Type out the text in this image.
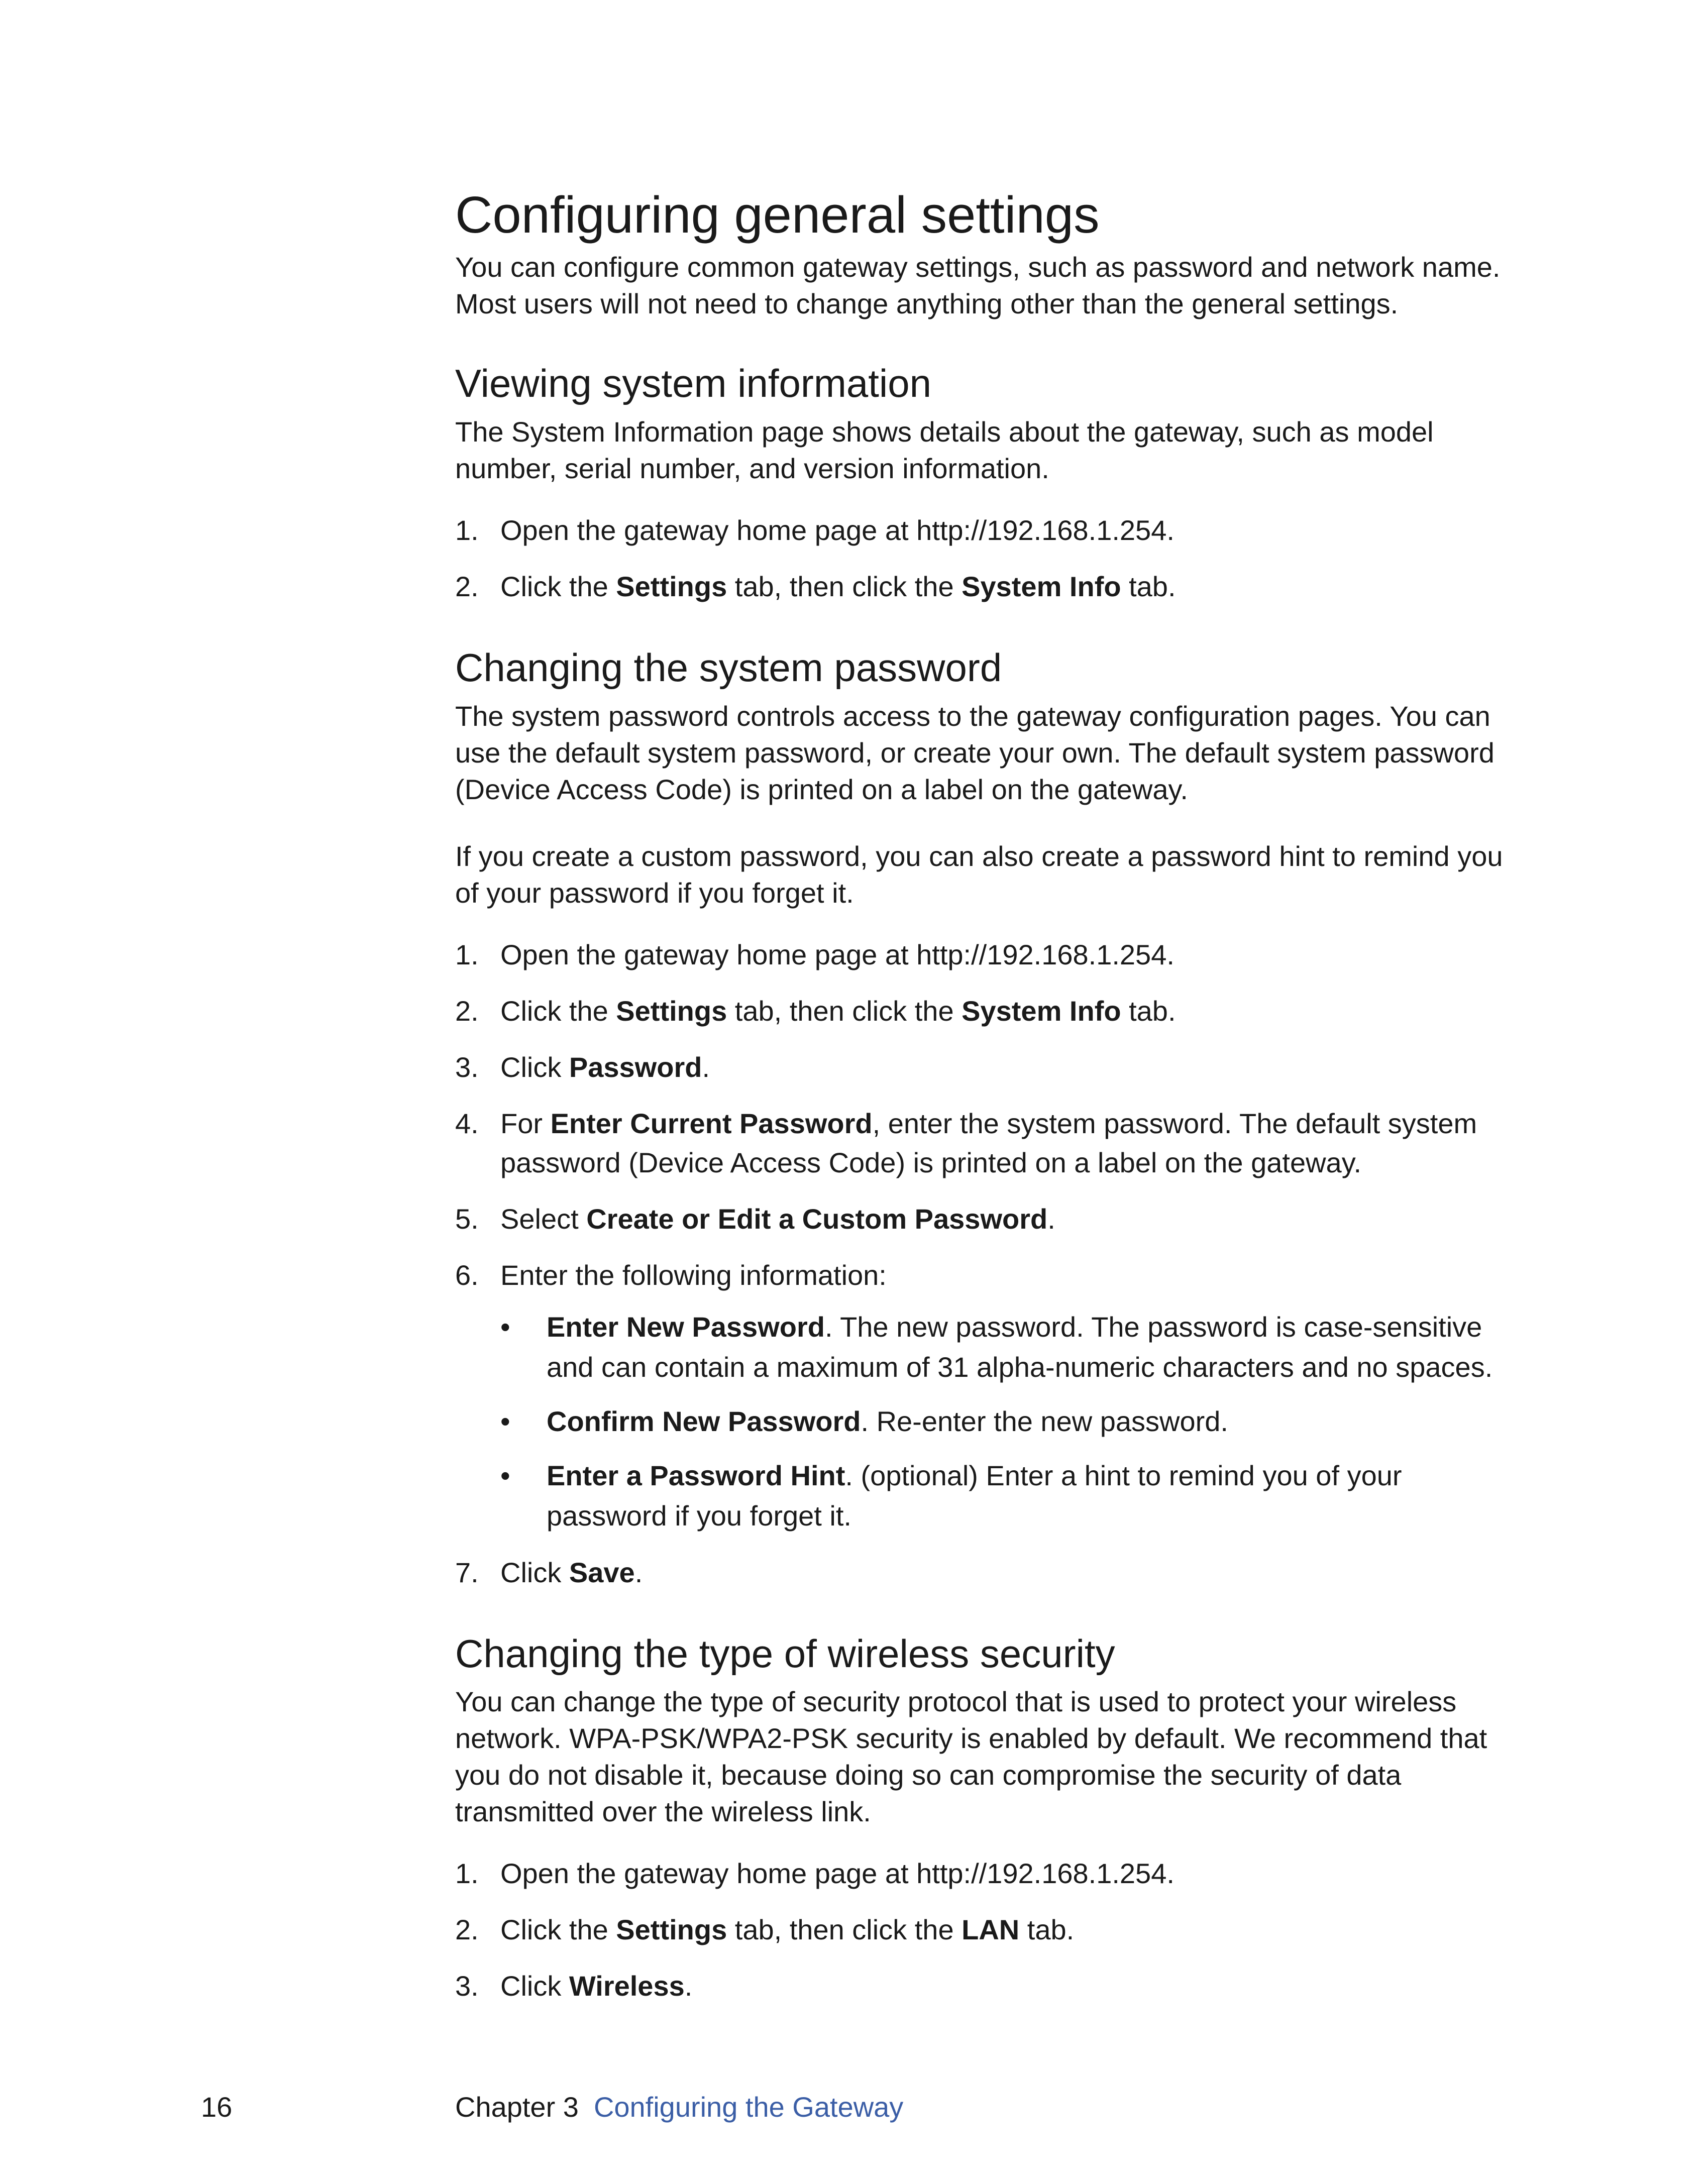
Configuring general settings

You can configure common gateway settings, such as password and network name. Most users will not need to change anything other than the general settings.

Viewing system information

The System Information page shows details about the gateway, such as model number, serial number, and version information.

1. Open the gateway home page at http://192.168.1.254.
2. Click the Settings tab, then click the System Info tab.
Changing the system password

The system password controls access to the gateway configuration pages. You can use the default system password, or create your own. The default system password (Device Access Code) is printed on a label on the gateway.

If you create a custom password, you can also create a password hint to remind you of your password if you forget it.

1. Open the gateway home page at http://192.168.1.254.
2. Click the Settings tab, then click the System Info tab.
3. Click Password.
4. For Enter Current Password, enter the system password. The default system password (Device Access Code) is printed on a label on the gateway.
5. Select Create or Edit a Custom Password.
6. Enter the following information:
• Enter New Password. The new password. The password is case-sensitive and can contain a maximum of 31 alpha-numeric characters and no spaces.
• Confirm New Password. Re-enter the new password.
• Enter a Password Hint. (optional) Enter a hint to remind you of your password if you forget it.
7. Click Save.
Changing the type of wireless security

You can change the type of security protocol that is used to protect your wireless network. WPA-PSK/WPA2-PSK security is enabled by default. We recommend that you do not disable it, because doing so can compromise the security of data transmitted over the wireless link.

1. Open the gateway home page at http://192.168.1.254.
2. Click the Settings tab, then click the LAN tab.
3. Click Wireless.
16	Chapter 3 Configuring the Gateway
